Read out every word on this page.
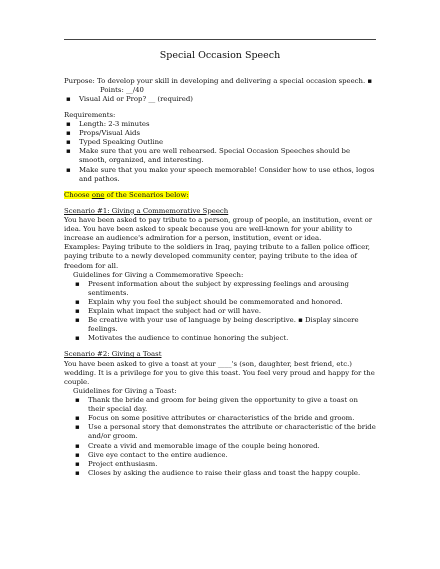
Special Occasion Speech

Purpose: To develop your skill in developing and delivering a special occasion speech. ▪

Points: __/40

▪ Visual Aid or Prop? __ (required)

Requirements:

▪ Length: 2-3 minutes
▪ Props/Visual Aids
▪ Typed Speaking Outline
▪ Make sure that you are well rehearsed. Special Occasion Speeches should be smooth, organized, and interesting.
▪ Make sure that you make your speech memorable! Consider how to use ethos, logos and pathos.

Choose one of the Scenarios below:

Scenario #1: Giving a Commemorative Speech

You have been asked to pay tribute to a person, group of people, an institution, event or idea. You have been asked to speak because you are well-known for your ability to increase an audience's admiration for a person, institution, event or idea.

Examples: Paying tribute to the soldiers in Iraq, paying tribute to a fallen police officer, paying tribute to a newly developed community center, paying tribute to the idea of freedom for all.

Guidelines for Giving a Commemorative Speech:

▪ Present information about the subject by expressing feelings and arousing sentiments.
▪ Explain why you feel the subject should be commemorated and honored.
▪ Explain what impact the subject had or will have.
▪ Be creative with your use of language by being descriptive. ▪ Display sincere feelings.
▪ Motivates the audience to continue honoring the subject.

Scenario #2: Giving a Toast

You have been asked to give a toast at your ____'s (son, daughter, best friend, etc.) wedding. It is a privilege for you to give this toast. You feel very proud and happy for the couple.

Guidelines for Giving a Toast:

▪ Thank the bride and groom for being given the opportunity to give a toast on their special day.
▪ Focus on some positive attributes or characteristics of the bride and groom.
▪ Use a personal story that demonstrates the attribute or characteristic of the bride and/or groom.
▪ Create a vivid and memorable image of the couple being honored.
▪ Give eye contact to the entire audience.
▪ Project enthusiasm.
▪ Closes by asking the audience to raise their glass and toast the happy couple.
